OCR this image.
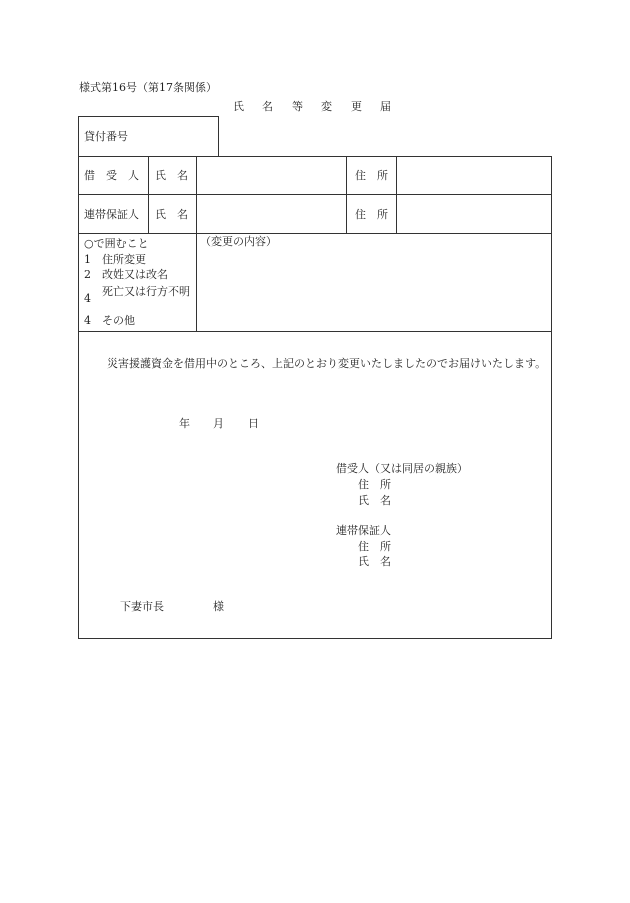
様式第16号（第17条関係）
氏 名 等 変 更 届
貸付番号
借　受　人 氏　名	住　所
連帯保証人 氏　名	住　所
○で囲むこと
1 住所変更
2 改姓又は改名
4
死亡又は行方不明
4 その他
（変更の内容）
災害援護資金を借用中のところ、上記のとおり変更いたしましたのでお届けいたします。
年 月 日
借受人（又は同居の親族）
住　所
氏　名
連帯保証人
住　所
氏　名
下妻市長	様
